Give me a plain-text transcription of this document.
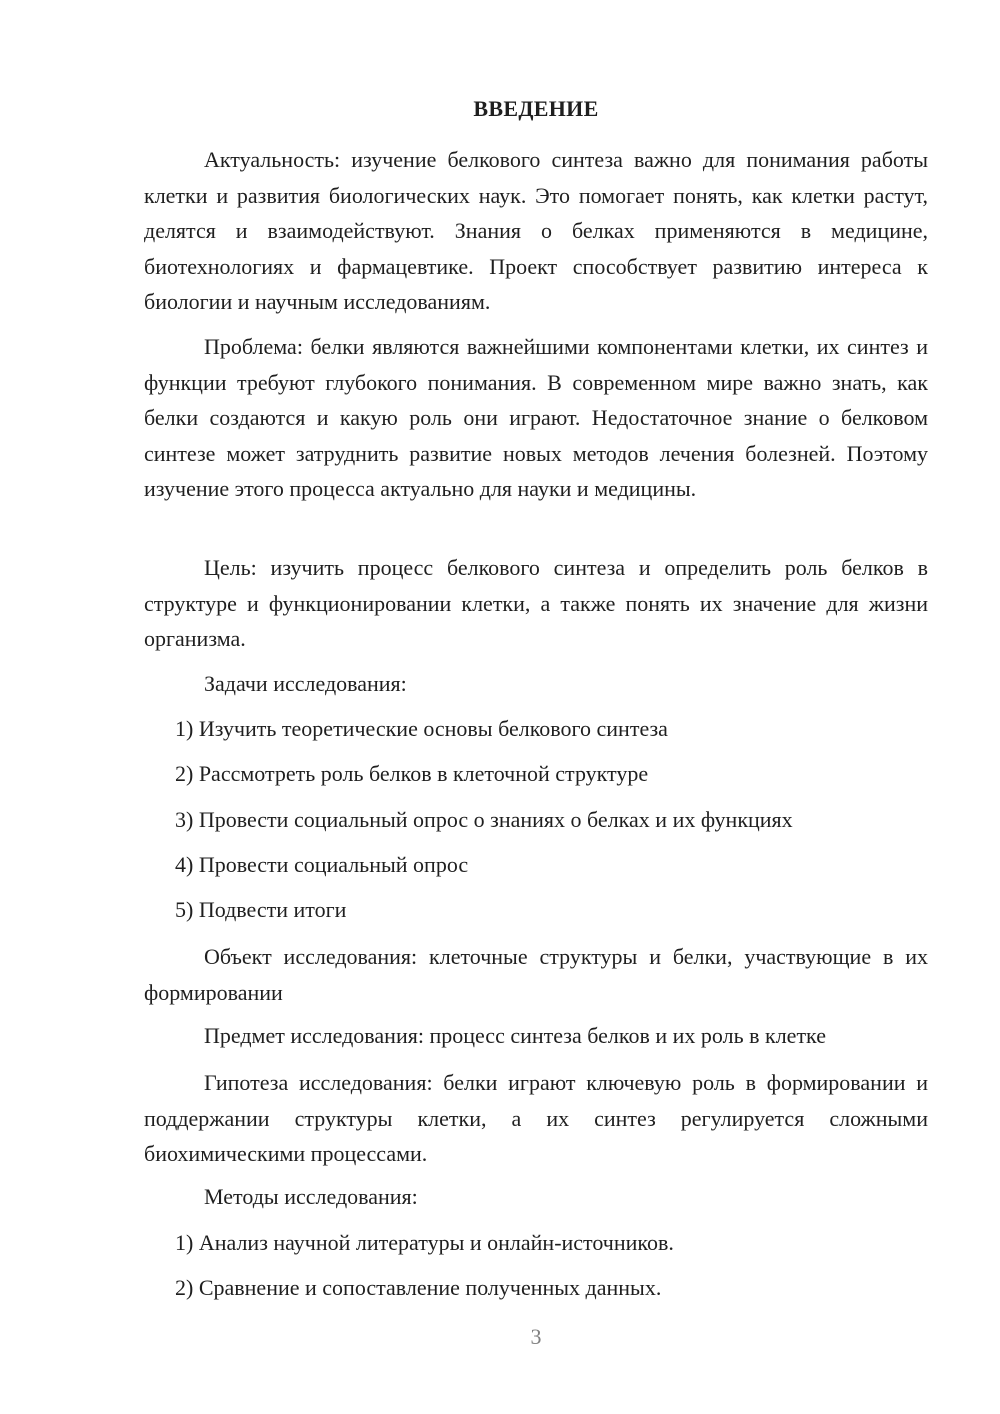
ВВЕДЕНИЕ

Актуальность: изучение белкового синтеза важно для понимания работы клетки и развития биологических наук. Это помогает понять, как клетки растут, делятся и взаимодействуют. Знания о белках применяются в медицине, биотехнологиях и фармацевтике. Проект способствует развитию интереса к биологии и научным исследованиям.

Проблема: белки являются важнейшими компонентами клетки, их синтез и функции требуют глубокого понимания. В современном мире важно знать, как белки создаются и какую роль они играют. Недостаточное знание о белковом синтезе может затруднить развитие новых методов лечения болезней. Поэтому изучение этого процесса актуально для науки и медицины.

Цель: изучить процесс белкового синтеза и определить роль белков в структуре и функционировании клетки, а также понять их значение для жизни организма.

Задачи исследования:

1) Изучить теоретические основы белкового синтеза

2) Рассмотреть роль белков в клеточной структуре

3) Провести социальный опрос о знаниях о белках и их функциях

4) Провести социальный опрос

5) Подвести итоги

Объект исследования: клеточные структуры и белки, участвующие в их формировании

Предмет исследования: процесс синтеза белков и их роль в клетке

Гипотеза исследования: белки играют ключевую роль в формировании и поддержании структуры клетки, а их синтез регулируется сложными биохимическими процессами.

Методы исследования:

1) Анализ научной литературы и онлайн-источников.

2) Сравнение и сопоставление полученных данных.

3
